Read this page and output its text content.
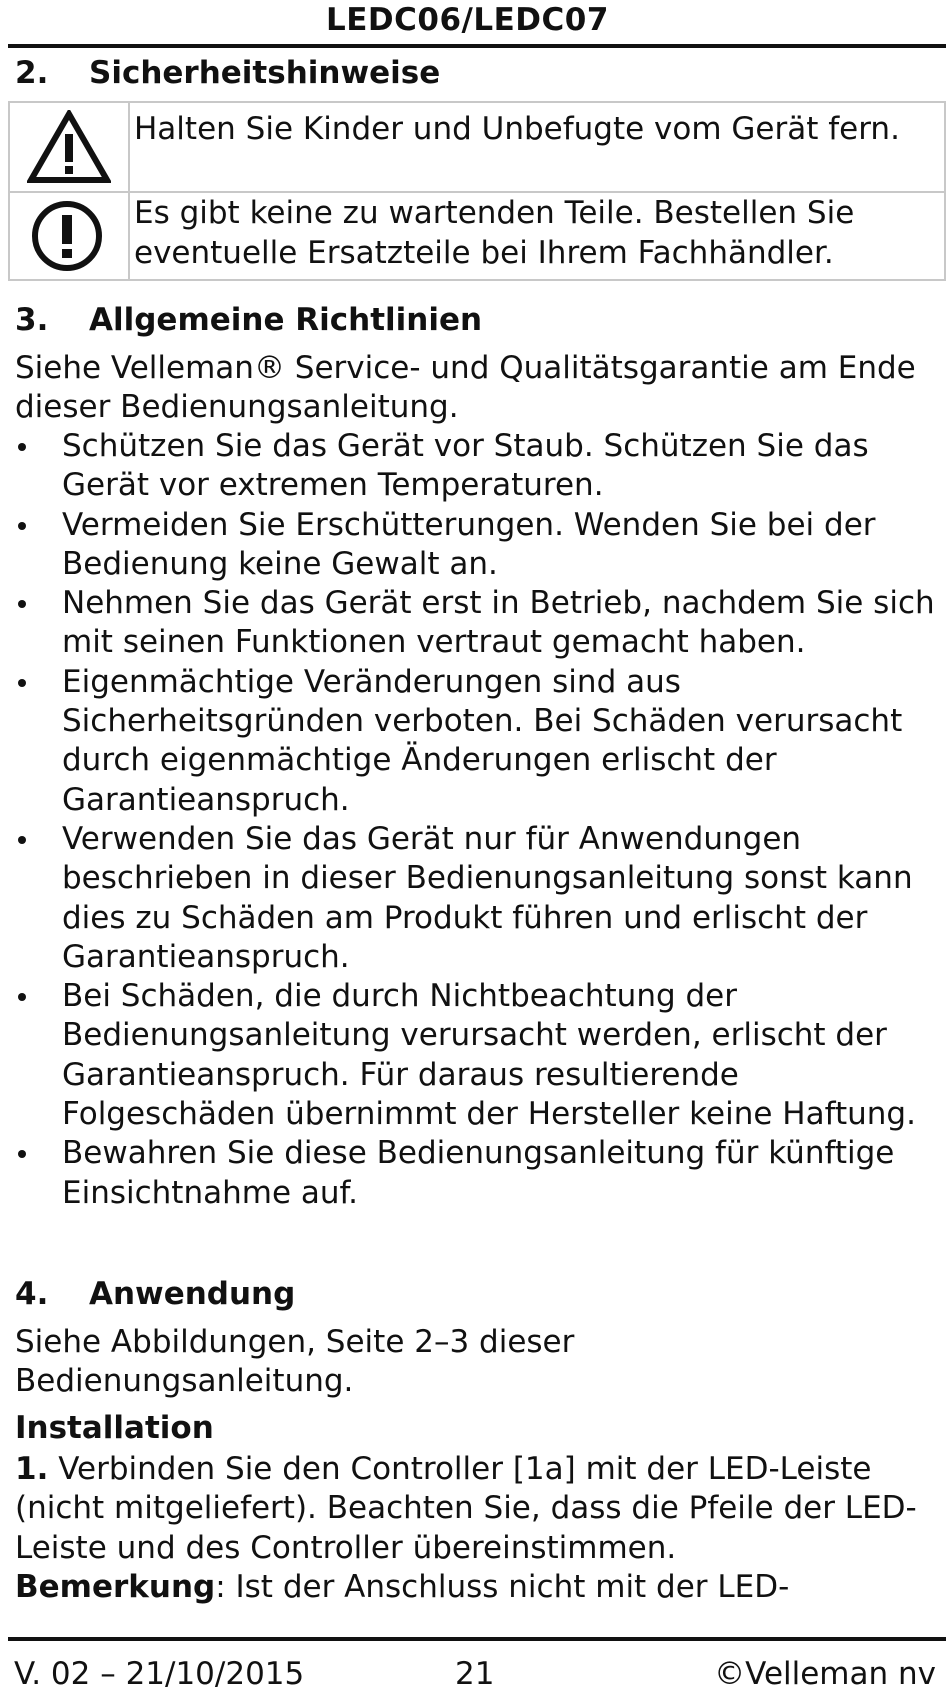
LEDC06/LEDC07
2. Sicherheitshinweise
Halten Sie Kinder und Unbefugte vom Gerät fern.
Es gibt keine zu wartenden Teile. Bestellen Sie eventuelle Ersatzteile bei Ihrem Fachhändler.
3. Allgemeine Richtlinien
Siehe Velleman® Service- und Qualitätsgarantie am Ende dieser Bedienungsanleitung.
Schützen Sie das Gerät vor Staub. Schützen Sie das Gerät vor extremen Temperaturen.
Vermeiden Sie Erschütterungen. Wenden Sie bei der Bedienung keine Gewalt an.
Nehmen Sie das Gerät erst in Betrieb, nachdem Sie sich mit seinen Funktionen vertraut gemacht haben.
Eigenmächtige Veränderungen sind aus Sicherheitsgründen verboten. Bei Schäden verursacht durch eigenmächtige Änderungen erlischt der Garantieanspruch.
Verwenden Sie das Gerät nur für Anwendungen beschrieben in dieser Bedienungsanleitung sonst kann dies zu Schäden am Produkt führen und erlischt der Garantieanspruch.
Bei Schäden, die durch Nichtbeachtung der Bedienungsanleitung verursacht werden, erlischt der Garantieanspruch. Für daraus resultierende Folgeschäden übernimmt der Hersteller keine Haftung.
Bewahren Sie diese Bedienungsanleitung für künftige Einsichtnahme auf.
4. Anwendung
Siehe Abbildungen, Seite 2–3 dieser Bedienungsanleitung.
Installation
1. Verbinden Sie den Controller [1a] mit der LED-Leiste (nicht mitgeliefert). Beachten Sie, dass die Pfeile der LED-Leiste und des Controller übereinstimmen.
Bemerkung: Ist der Anschluss nicht mit der LED-
V. 02 – 21/10/2015	21	©Velleman nv
